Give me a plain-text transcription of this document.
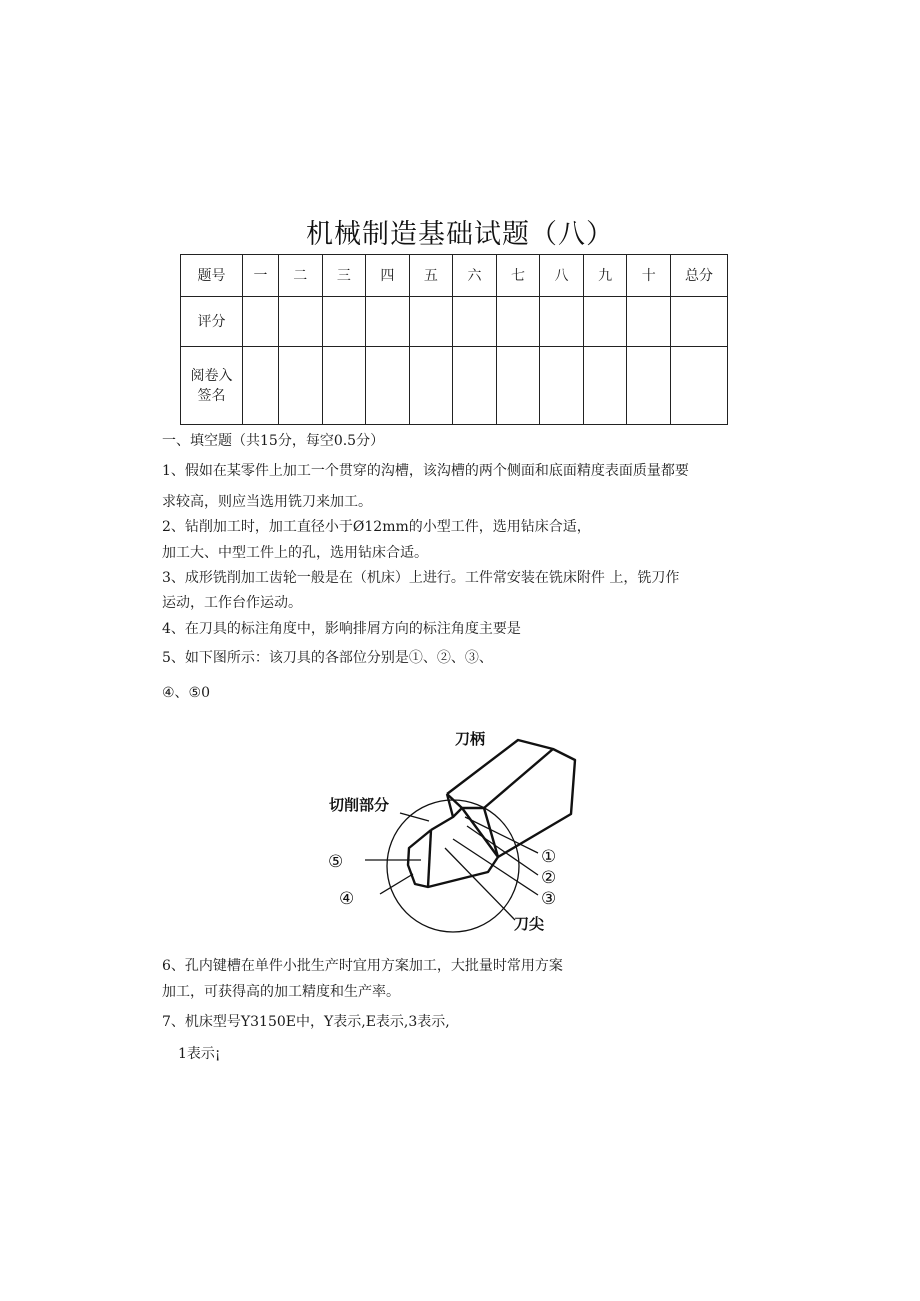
机械制造基础试题（八）
题号	一	二	三	四	五	六	七	八	九	十	总分
评分											

阅卷入
签名											

一、填空题（共15分，每空0.5分）
1、假如在某零件上加工一个贯穿的沟槽，该沟槽的两个侧面和底面精度表面质量都要
求较高，则应当选用铣刀来加工。
2、钻削加工时，加工直径小于Ø12mm的小型工件，选用钻床合适，
加工大、中型工件上的孔，选用钻床合适。
3、成形铣削加工齿轮一般是在（机床）上进行。工件常安装在铣床附件 上，铣刀作
运动，工作台作运动。
4、在刀具的标注角度中，影响排屑方向的标注角度主要是
5、如下图所示：该刀具的各部位分别是①、②、③、
④、⑤0
刀柄
切削部分
刀尖
①
②
③
④
⑤
6、孔内键槽在单件小批生产时宜用方案加工，大批量时常用方案
加工，可获得高的加工精度和生产率。
7、机床型号Y3150E中，Y表示,E表示,3表示,
1表示¡
